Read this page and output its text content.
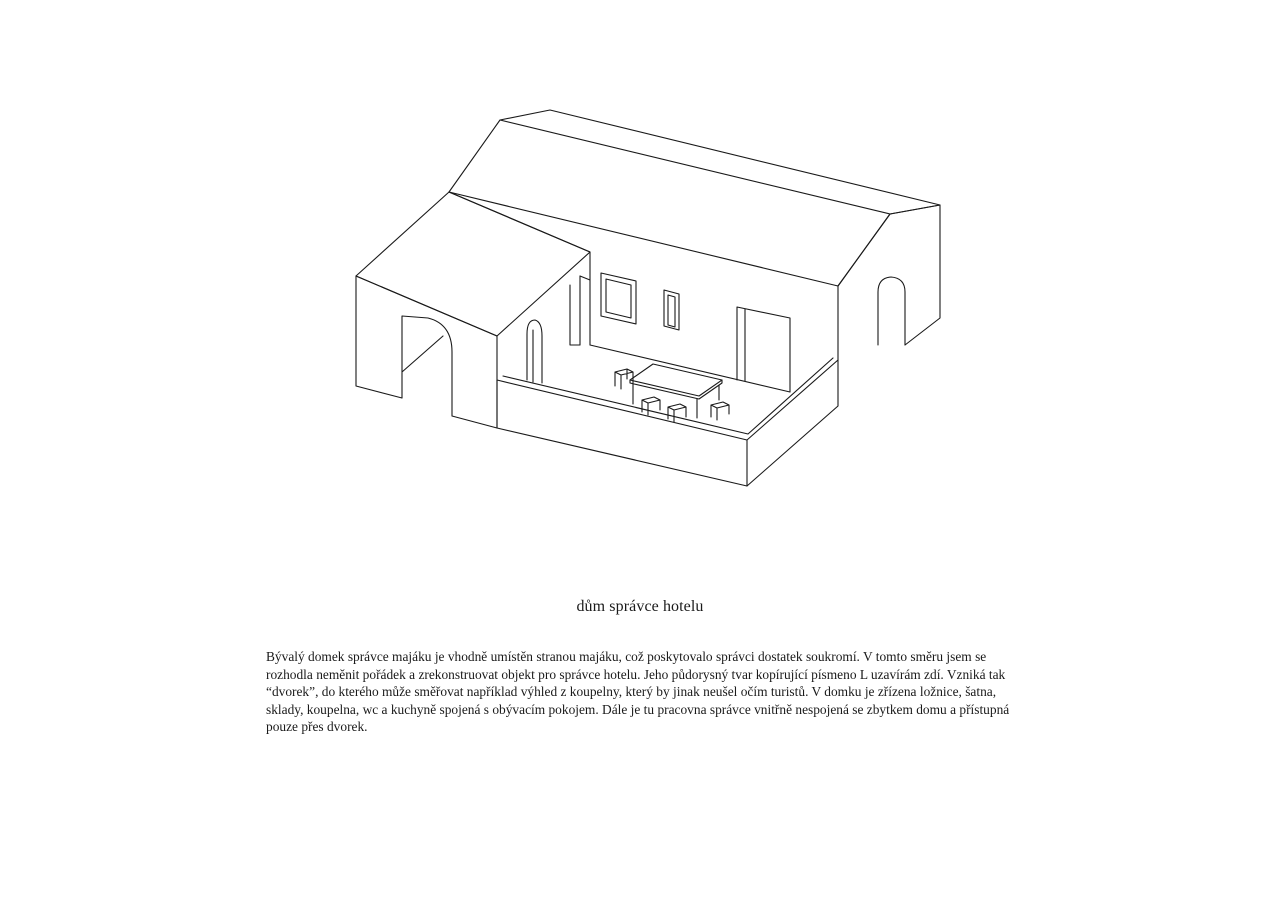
dům správce hotelu

Bývalý domek správce majáku je vhodně umístěn stranou majáku, což poskytovalo správci dostatek soukromí. V tomto směru jsem se rozhodla neměnit pořádek a zrekonstruovat objekt pro správce hotelu. Jeho půdorysný tvar kopírující písmeno L uzavírám zdí. Vzniká tak “dvorek”, do kterého může směřovat například výhled z koupelny, který by jinak neušel očím turistů. V domku je zřízena ložnice, šatna, sklady, koupelna, wc a kuchyně spojená s obývacím pokojem. Dále je tu pracovna správce vnitřně nespojená se zbytkem domu a přístupná pouze přes dvorek.
